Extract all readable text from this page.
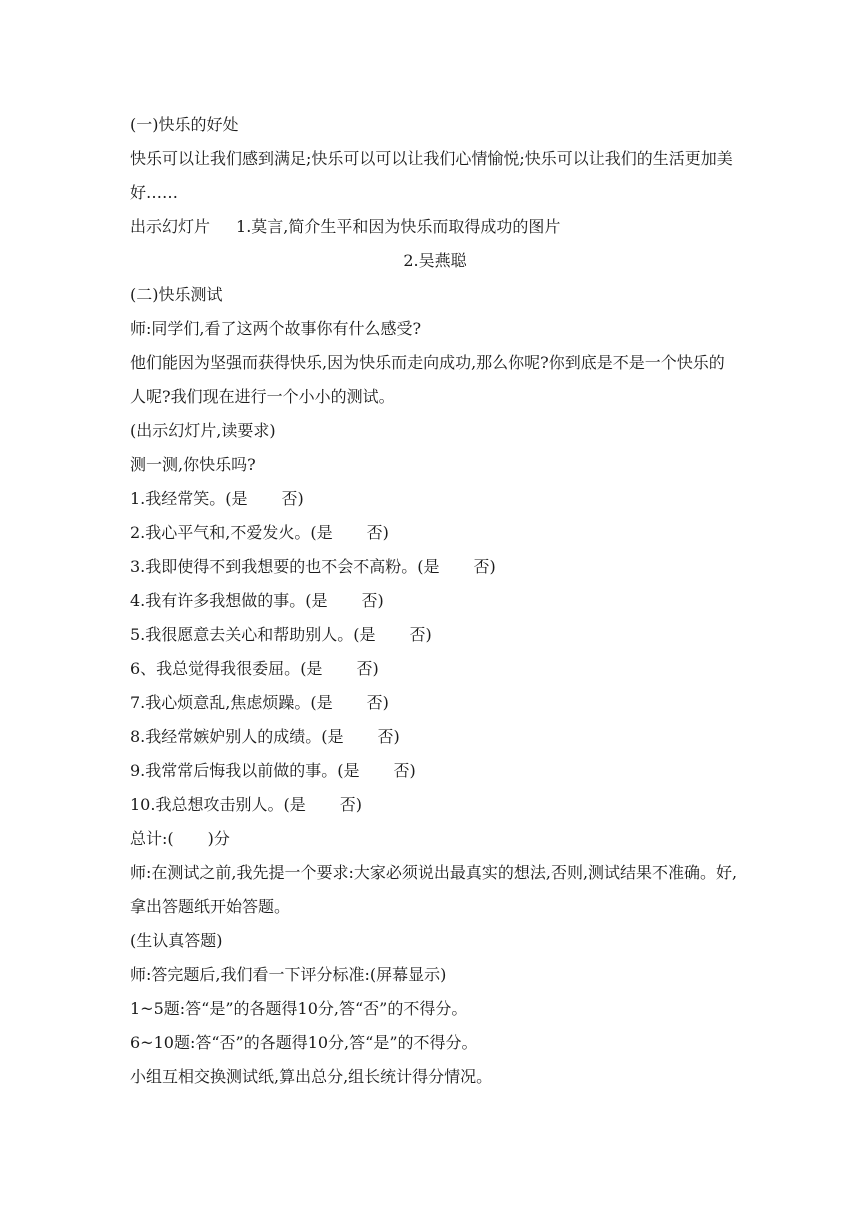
(一)快乐的好处
快乐可以让我们感到满足;快乐可以可以让我们心情愉悦;快乐可以让我们的生活更加美好……
出示幻灯片 1.莫言,简介生平和因为快乐而取得成功的图片
2.吴燕聪
(二)快乐测试
师:同学们,看了这两个故事你有什么感受?
他们能因为坚强而获得快乐,因为快乐而走向成功,那么你呢?你到底是不是一个快乐的人呢?我们现在进行一个小小的测试。
(出示幻灯片,读要求)
测一测,你快乐吗?
1.我经常笑。(是 否)
2.我心平气和,不爱发火。(是 否)
3.我即使得不到我想要的也不会不高粉。(是 否)
4.我有许多我想做的事。(是 否)
5.我很愿意去关心和帮助别人。(是 否)
6、我总觉得我很委屈。(是 否)
7.我心烦意乱,焦虑烦躁。(是 否)
8.我经常嫉妒别人的成绩。(是 否)
9.我常常后悔我以前做的事。(是 否)
10.我总想攻击别人。(是 否)
总计:( )分
师:在测试之前,我先提一个要求:大家必须说出最真实的想法,否则,测试结果不准确。好,拿出答题纸开始答题。
(生认真答题)
师:答完题后,我们看一下评分标准:(屏幕显示)
1~5题:答“是”的各题得10分,答“否”的不得分。
6~10题:答“否”的各题得10分,答“是”的不得分。
小组互相交换测试纸,算出总分,组长统计得分情况。
